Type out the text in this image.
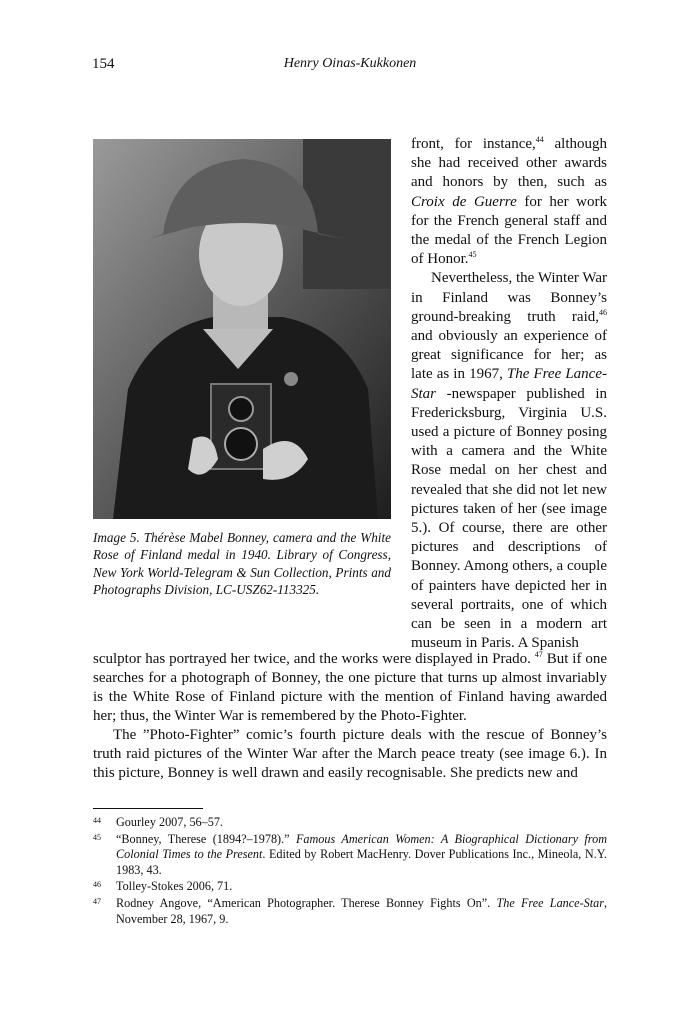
154	Henry Oinas-Kukkonen
Image 5. Thérèse Mabel Bonney, camera and the White Rose of Finland medal in 1940. Library of Congress, New York World-Telegram & Sun Collection, Prints and Photographs Division, LC-USZ62-113325.

front, for instance,$^{44}$ although she had received other awards and honors by then, such as Croix de Guerre for her work for the French general staff and the medal of the French Legion of Honor.$^{45}$

Nevertheless, the Winter War in Finland was Bonney’s ground-breaking truth raid,$^{46}$ and obviously an experience of great significance for her; as late as in 1967, The Free Lance-Star -newspaper published in Fredericksburg, Virginia U.S. used a picture of Bonney posing with a camera and the White Rose medal on her chest and revealed that she did not let new pictures taken of her (see image 5.). Of course, there are other pictures and descriptions of Bonney. Among others, a couple of painters have depicted her in several portraits, one of which can be seen in a modern art museum in Paris. A Spanish

sculptor has portrayed her twice, and the works were displayed in Prado. $^{47}$ But if one searches for a photograph of Bonney, the one picture that turns up almost invariably is the White Rose of Finland picture with the mention of Finland having awarded her; thus, the Winter War is remembered by the Photo-Fighter.

The ”Photo-Fighter” comic’s fourth picture deals with the rescue of Bonney’s truth raid pictures of the Winter War after the March peace treaty (see image 6.). In this picture, Bonney is well drawn and easily recognisable. She predicts new and

44	Gourley 2007, 56–57.
45	“Bonney, Therese (1894?–1978).” Famous American Women: A Biographical Dictionary from Colonial Times to the Present. Edited by Robert MacHenry. Dover Publications Inc., Mineola, N.Y. 1983, 43.
46	Tolley-Stokes 2006, 71.
47	Rodney Angove, “American Photographer. Therese Bonney Fights On”. The Free Lance-Star, November 28, 1967, 9.
